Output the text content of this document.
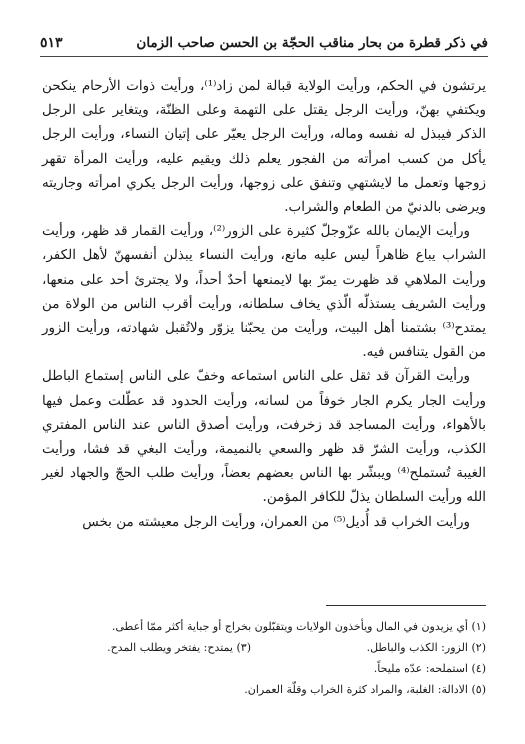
في ذكر قطرة من بحار مناقب الحجّة بن الحسن صاحب الزمان
٥١٣

يرتشون في الحكم، ورأيت الولاية قبالة لمن زاد⁽¹⁾، ورأيت ذوات الأرحام ينكحن ويكتفي بهنّ، ورأيت الرجل يقتل على التهمة وعلى الظنّة، ويتغاير على الرجل الذكر فيبذل له نفسه وماله، ورأيت الرجل يعيّر على إتيان النساء، ورأيت الرجل يأكل من كسب امرأته من الفجور يعلم ذلك ويقيم عليه، ورأيت المرأة تقهر زوجها وتعمل ما لايشتهي وتنفق على زوجها، ورأيت الرجل يكري امرأته وجاريته ويرضى بالدنيّ من الطعام والشراب.

ورأيت الإيمان بالله عزّوجلّ كثيرة على الزور⁽²⁾، ورأيت القمار قد ظهر، ورأيت الشراب يباع ظاهراً ليس عليه مانع، ورأيت النساء يبذلن أنفسهنّ لأهل الكفر، ورأيت الملاهي قد ظهرت يمرّ بها لايمنعها أحدٌ أحداً، ولا يجترئ أحد على منعها، ورأيت الشريف يستذلّه الّذي يخاف سلطانه، ورأيت أقرب الناس من الولاة من يمتدح⁽³⁾ بشتمنا أهل البيت، ورأيت من يحبّنا يزوّر ولاتُقبل شهادته، ورأيت الزور من القول يتنافس فيه.

ورأيت القرآن قد ثقل على الناس استماعه وخفّ على الناس إستماع الباطل ورأيت الجار يكرم الجار خوفاً من لسانه، ورأيت الحدود قد عطّلت وعمل فيها بالأهواء، ورأيت المساجد قد زخرفت، ورأيت أصدق الناس عند الناس المفتري الكذب، ورأيت الشرّ قد ظهر والسعي بالنميمة، ورأيت البغي قد فشا، ورأيت الغيبة تُستملح⁽⁴⁾ ويبشّر بها الناس بعضهم بعضاً، ورأيت طلب الحجّ والجهاد لغير الله ورأيت السلطان يذلّ للكافر المؤمن.

ورأيت الخراب قد أُديل⁽⁵⁾ من العمران، ورأيت الرجل معيشته من بخس

(١) أي يزيدون في المال ويأخذون الولايات ويتقبّلون بخراج أو جباية أكثر ممّا أعطى.
(٢) الزور: الكذب والباطل.
(٣) يمتدح: يفتخر ويطلب المدح.
(٤) استملحه: عدّه مليحاً.
(٥) الادالة: الغلبة، والمراد كثرة الخراب وقلّة العمران.
